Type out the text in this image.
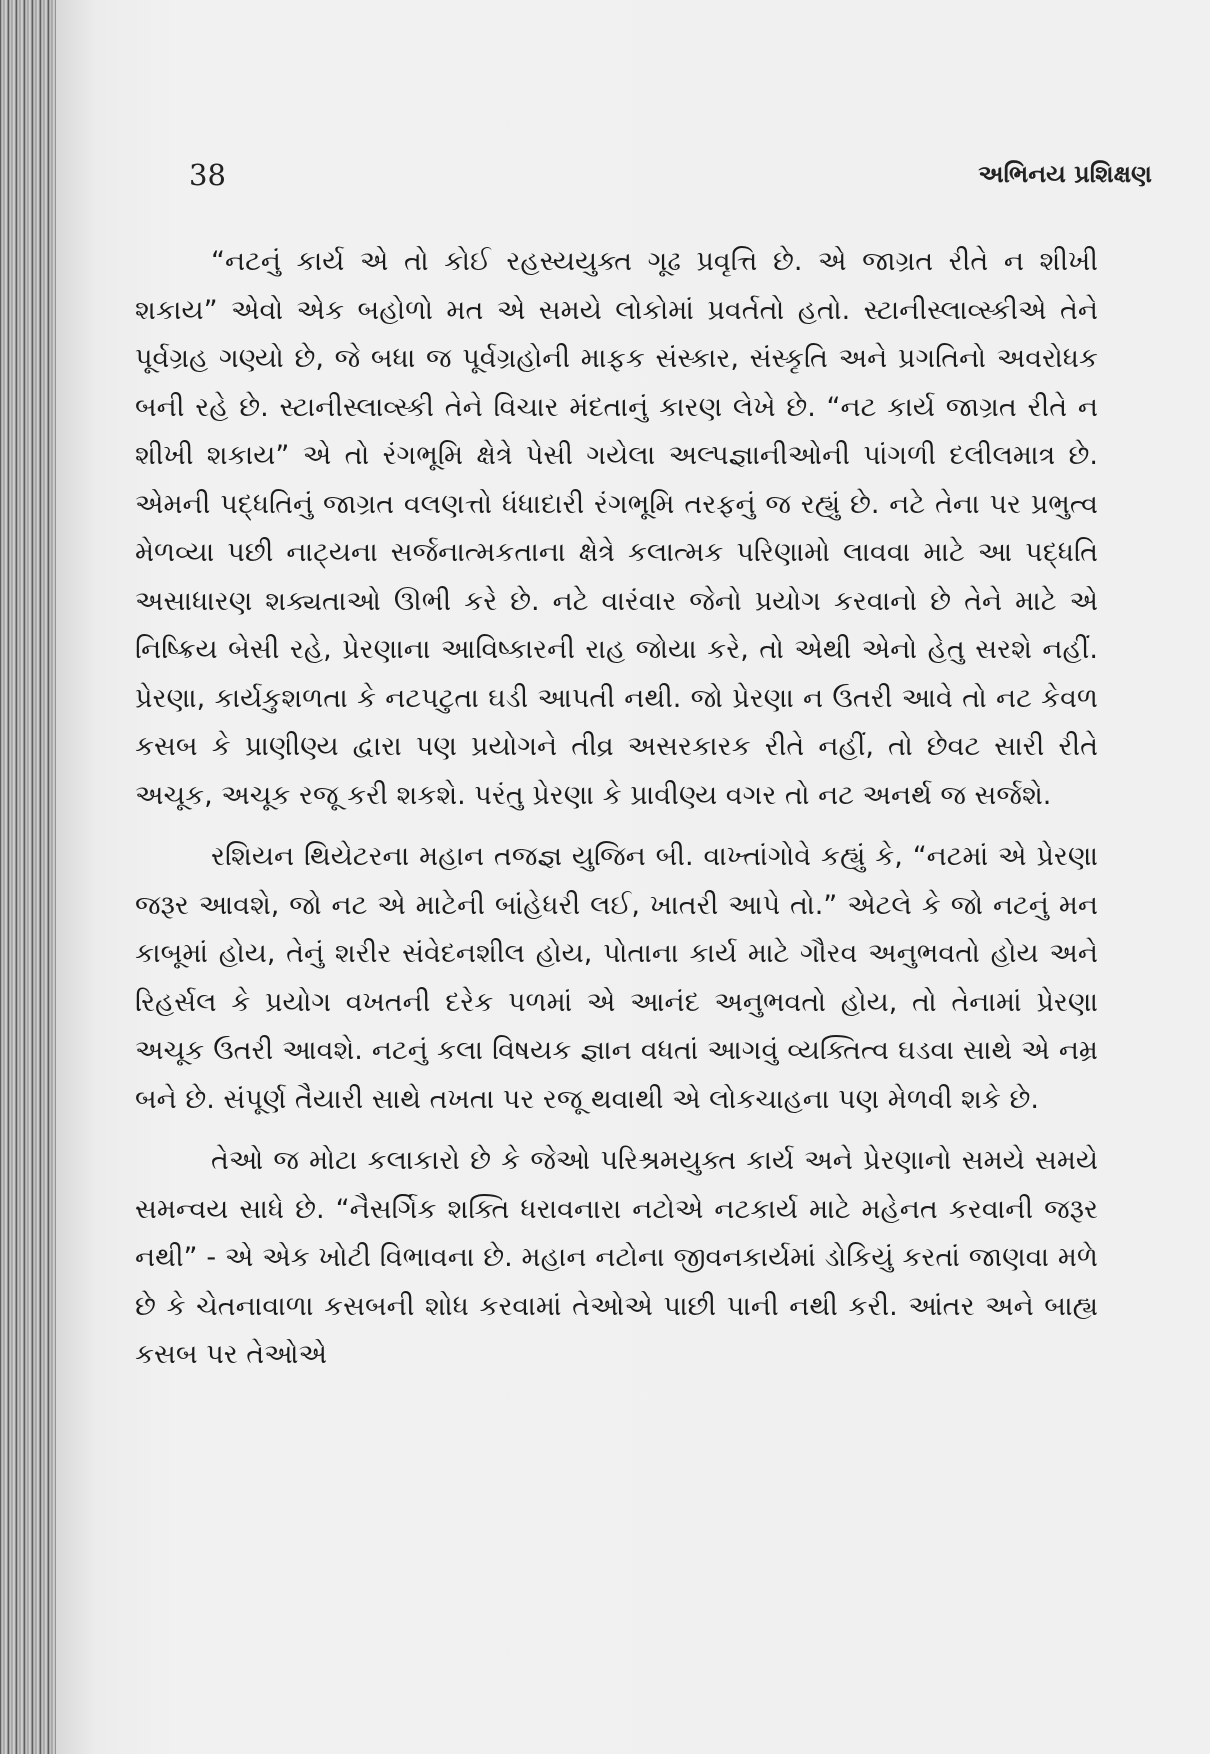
38	અભિનય પ્રશિક્ષણ

“નટનું કાર્ય એ તો કોઈ રહસ્યયુક્ત ગૂઢ પ્રવૃત્તિ છે. એ જાગ્રત રીતે ન શીખી શકાય” એવો એક બહોળો મત એ સમયે લોકોમાં પ્રવર્તતો હતો. સ્ટાનીસ્લાવ્સ્કીએ તેને પૂર્વગ્રહ ગણ્યો છે, જે બધા જ પૂર્વગ્રહોની માફક સંસ્કાર, સંસ્કૃતિ અને પ્રગતિનો અવરોધક બની રહે છે. સ્ટાનીસ્લાવ્સ્કી તેને વિચાર મંદતાનું કારણ લેખે છે. “નટ કાર્ય જાગ્રત રીતે ન શીખી શકાય” એ તો રંગભૂમિ ક્ષેત્રે પેસી ગયેલા અલ્પજ્ઞાનીઓની પાંગળી દલીલમાત્ર છે. એમની પદ્ધતિનું જાગ્રત વલણત્તો ધંધાદારી રંગભૂમિ તરફનું જ રહ્યું છે. નટે તેના પર પ્રભુત્વ મેળવ્યા પછી નાટ્યના સર્જનાત્મકતાના ક્ષેત્રે કલાત્મક પરિણામો લાવવા માટે આ પદ્ધતિ અસાધારણ શક્યતાઓ ઊભી કરે છે. નટે વારંવાર જેનો પ્રયોગ કરવાનો છે તેને માટે એ નિષ્ક્રિય બેસી રહે, પ્રેરણાના આવિષ્કારની રાહ જોયા કરે, તો એથી એનો હેતુ સરશે નહીં. પ્રેરણા, કાર્યકુશળતા કે નટપટુતા ઘડી આપતી નથી. જો પ્રેરણા ન ઉતરી આવે તો નટ કેવળ કસબ કે પ્રાણીણ્ય દ્વારા પણ પ્રયોગને તીવ્ર અસરકારક રીતે નહીં, તો છેવટ સારી રીતે અચૂક, અચૂક રજૂ કરી શકશે. પરંતુ પ્રેરણા કે પ્રાવીણ્ય વગર તો નટ અનર્થ જ સર્જશે.

રશિયન થિયેટરના મહાન તજજ્ઞ યુજિન બી. વાખ્તાંગોવે કહ્યું કે, “નટમાં એ પ્રેરણા જરૂર આવશે, જો નટ એ માટેની બાંહેધરી લઈ, ખાતરી આપે તો.” એટલે કે જો નટનું મન કાબૂમાં હોય, તેનું શરીર સંવેદનશીલ હોય, પોતાના કાર્ય માટે ગૌરવ અનુભવતો હોય અને રિહર્સલ કે પ્રયોગ વખતની દરેક પળમાં એ આનંદ અનુભવતો હોય, તો તેનામાં પ્રેરણા અચૂક ઉતરી આવશે. નટનું કલા વિષયક જ્ઞાન વધતાં આગવું વ્યક્તિત્વ ઘડવા સાથે એ નમ્ર બને છે. સંપૂર્ણ તૈયારી સાથે તખતા પર રજૂ થવાથી એ લોકચાહના પણ મેળવી શકે છે.

તેઓ જ મોટા કલાકારો છે કે જેઓ પરિશ્રમયુક્ત કાર્ય અને પ્રેરણાનો સમયે સમયે સમન્વય સાધે છે. “નૈસર્ગિક શક્તિ ધરાવનારા નટોએ નટકાર્ય માટે મહેનત કરવાની જરૂર નથી” - એ એક ખોટી વિભાવના છે. મહાન નટોના જીવનકાર્યમાં ડોકિયું કરતાં જાણવા મળે છે કે ચેતનાવાળા કસબની શોધ કરવામાં તેઓએ પાછી પાની નથી કરી. આંતર અને બાહ્ય કસબ પર તેઓએ
